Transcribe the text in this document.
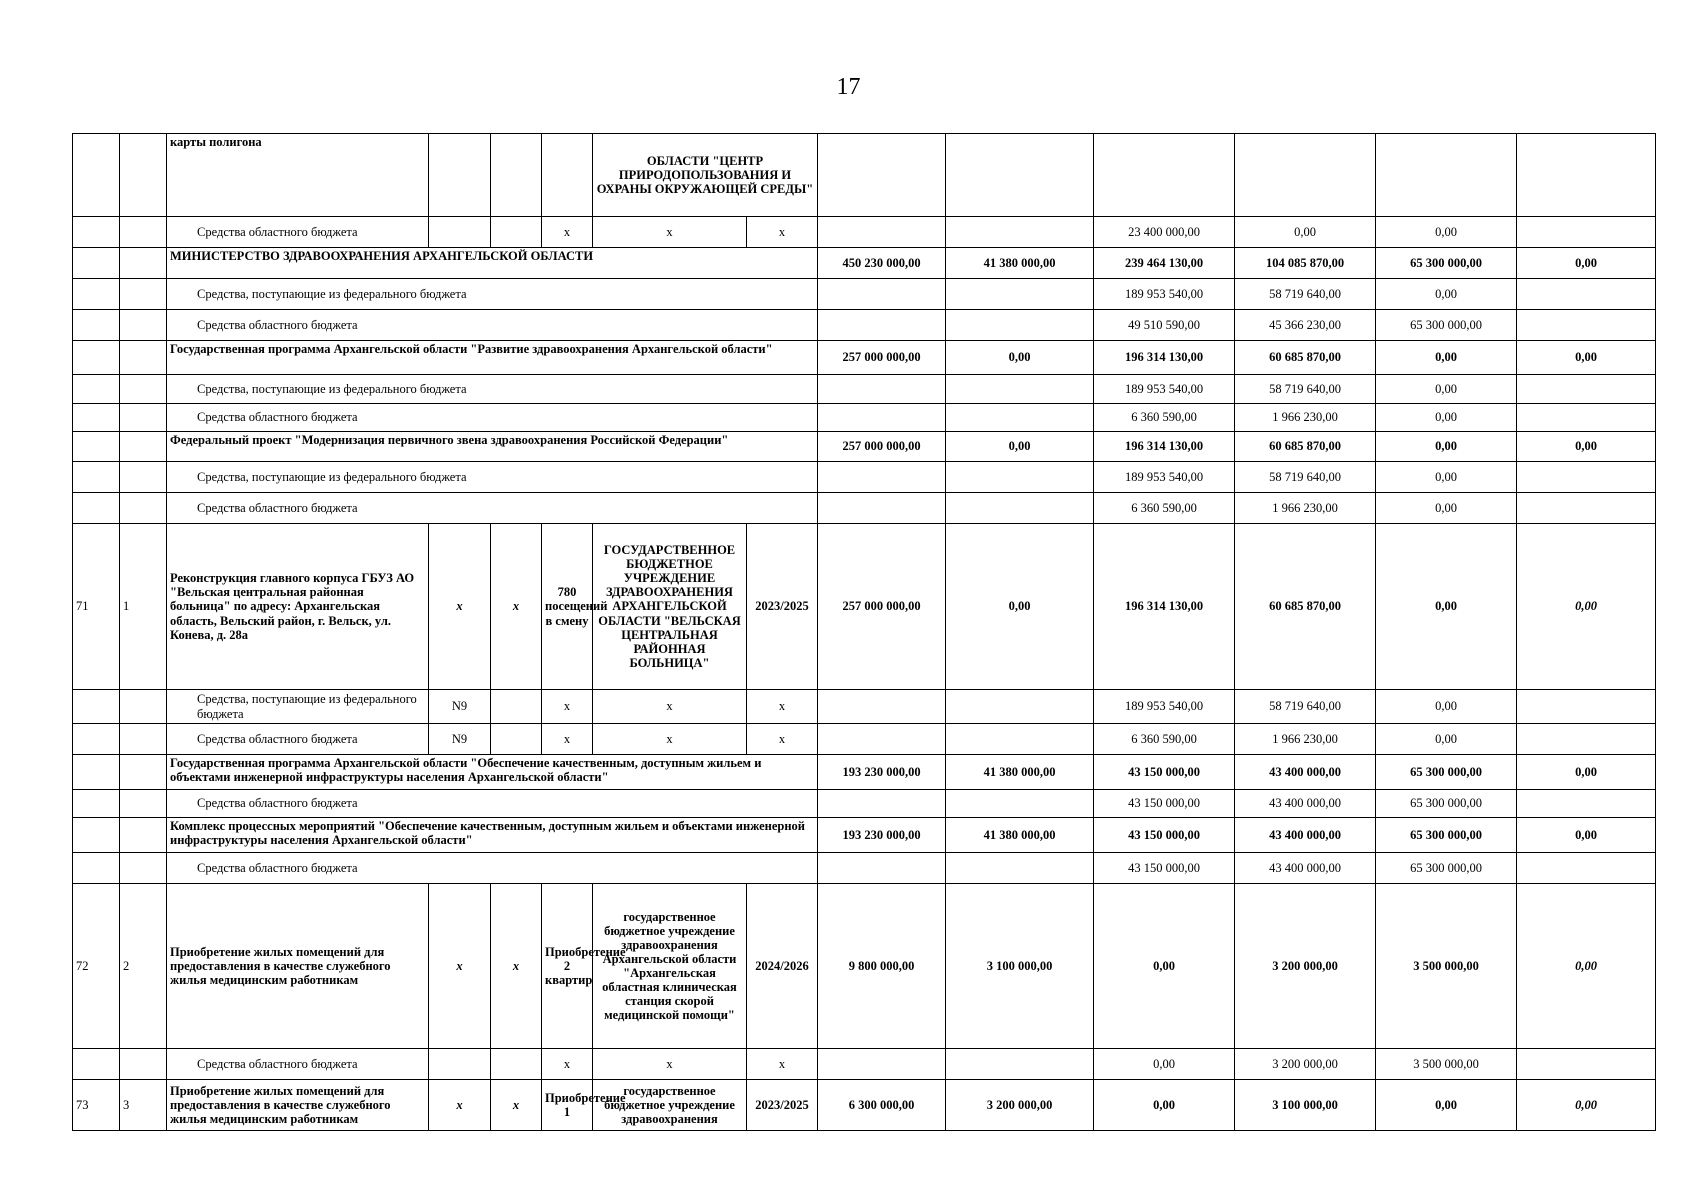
17
		карты полигона				ОБЛАСТИ "ЦЕНТР ПРИРОДОПОЛЬЗОВАНИЯ И ОХРАНЫ ОКРУЖАЮЩЕЙ СРЕДЫ"							
		Средства областного бюджета			х	х	х			23 400 000,00	0,00	0,00	
		МИНИСТЕРСТВО ЗДРАВООХРАНЕНИЯ АРХАНГЕЛЬСКОЙ ОБЛАСТИ						450 230 000,00	41 380 000,00	239 464 130,00	104 085 870,00	65 300 000,00	0,00
		Средства, поступающие из федерального бюджета								189 953 540,00	58 719 640,00	0,00	
		Средства областного бюджета								49 510 590,00	45 366 230,00	65 300 000,00	
		Государственная программа Архангельской области "Развитие здравоохранения Архангельской области"						257 000 000,00	0,00	196 314 130,00	60 685 870,00	0,00	0,00
		Средства, поступающие из федерального бюджета								189 953 540,00	58 719 640,00	0,00	
		Средства областного бюджета								6 360 590,00	1 966 230,00	0,00	
		Федеральный проект "Модернизация первичного звена здравоохранения Российской Федерации"						257 000 000,00	0,00	196 314 130,00	60 685 870,00	0,00	0,00
		Средства, поступающие из федерального бюджета								189 953 540,00	58 719 640,00	0,00	
		Средства областного бюджета								6 360 590,00	1 966 230,00	0,00	
71	1	Реконструкция главного корпуса ГБУЗ АО "Вельская центральная районная больница" по адресу: Архангельская область, Вельский район, г. Вельск, ул. Конева, д. 28а	х	х	780 посещений в смену	ГОСУДАРСТВЕННОЕ БЮДЖЕТНОЕ УЧРЕЖДЕНИЕ ЗДРАВООХРАНЕНИЯ АРХАНГЕЛЬСКОЙ ОБЛАСТИ "ВЕЛЬСКАЯ ЦЕНТРАЛЬНАЯ РАЙОННАЯ БОЛЬНИЦА"	2023/2025	257 000 000,00	0,00	196 314 130,00	60 685 870,00	0,00	0,00
		Средства, поступающие из федерального бюджета	N9		х	х	х			189 953 540,00	58 719 640,00	0,00	
		Средства областного бюджета	N9		х	х	х			6 360 590,00	1 966 230,00	0,00	
		Государственная программа Архангельской области "Обеспечение качественным, доступным жильем и объектами инженерной инфраструктуры населения Архангельской области"						193 230 000,00	41 380 000,00	43 150 000,00	43 400 000,00	65 300 000,00	0,00
		Средства областного бюджета								43 150 000,00	43 400 000,00	65 300 000,00	
		Комплекс процессных мероприятий "Обеспечение качественным, доступным жильем и объектами инженерной инфраструктуры населения Архангельской области"						193 230 000,00	41 380 000,00	43 150 000,00	43 400 000,00	65 300 000,00	0,00
		Средства областного бюджета								43 150 000,00	43 400 000,00	65 300 000,00	
72	2	Приобретение жилых помещений для предоставления в качестве служебного жилья медицинским работникам	х	х	Приобретение 2 квартир	государственное бюджетное учреждение здравоохранения Архангельской области "Архангельская областная клиническая станция скорой медицинской помощи"	2024/2026	9 800 000,00	3 100 000,00	0,00	3 200 000,00	3 500 000,00	0,00
		Средства областного бюджета			х	х	х			0,00	3 200 000,00	3 500 000,00	
73	3	Приобретение жилых помещений для предоставления в качестве служебного жилья медицинским работникам	х	х	Приобретение 1	государственное бюджетное учреждение здравоохранения	2023/2025	6 300 000,00	3 200 000,00	0,00	3 100 000,00	0,00	0,00
